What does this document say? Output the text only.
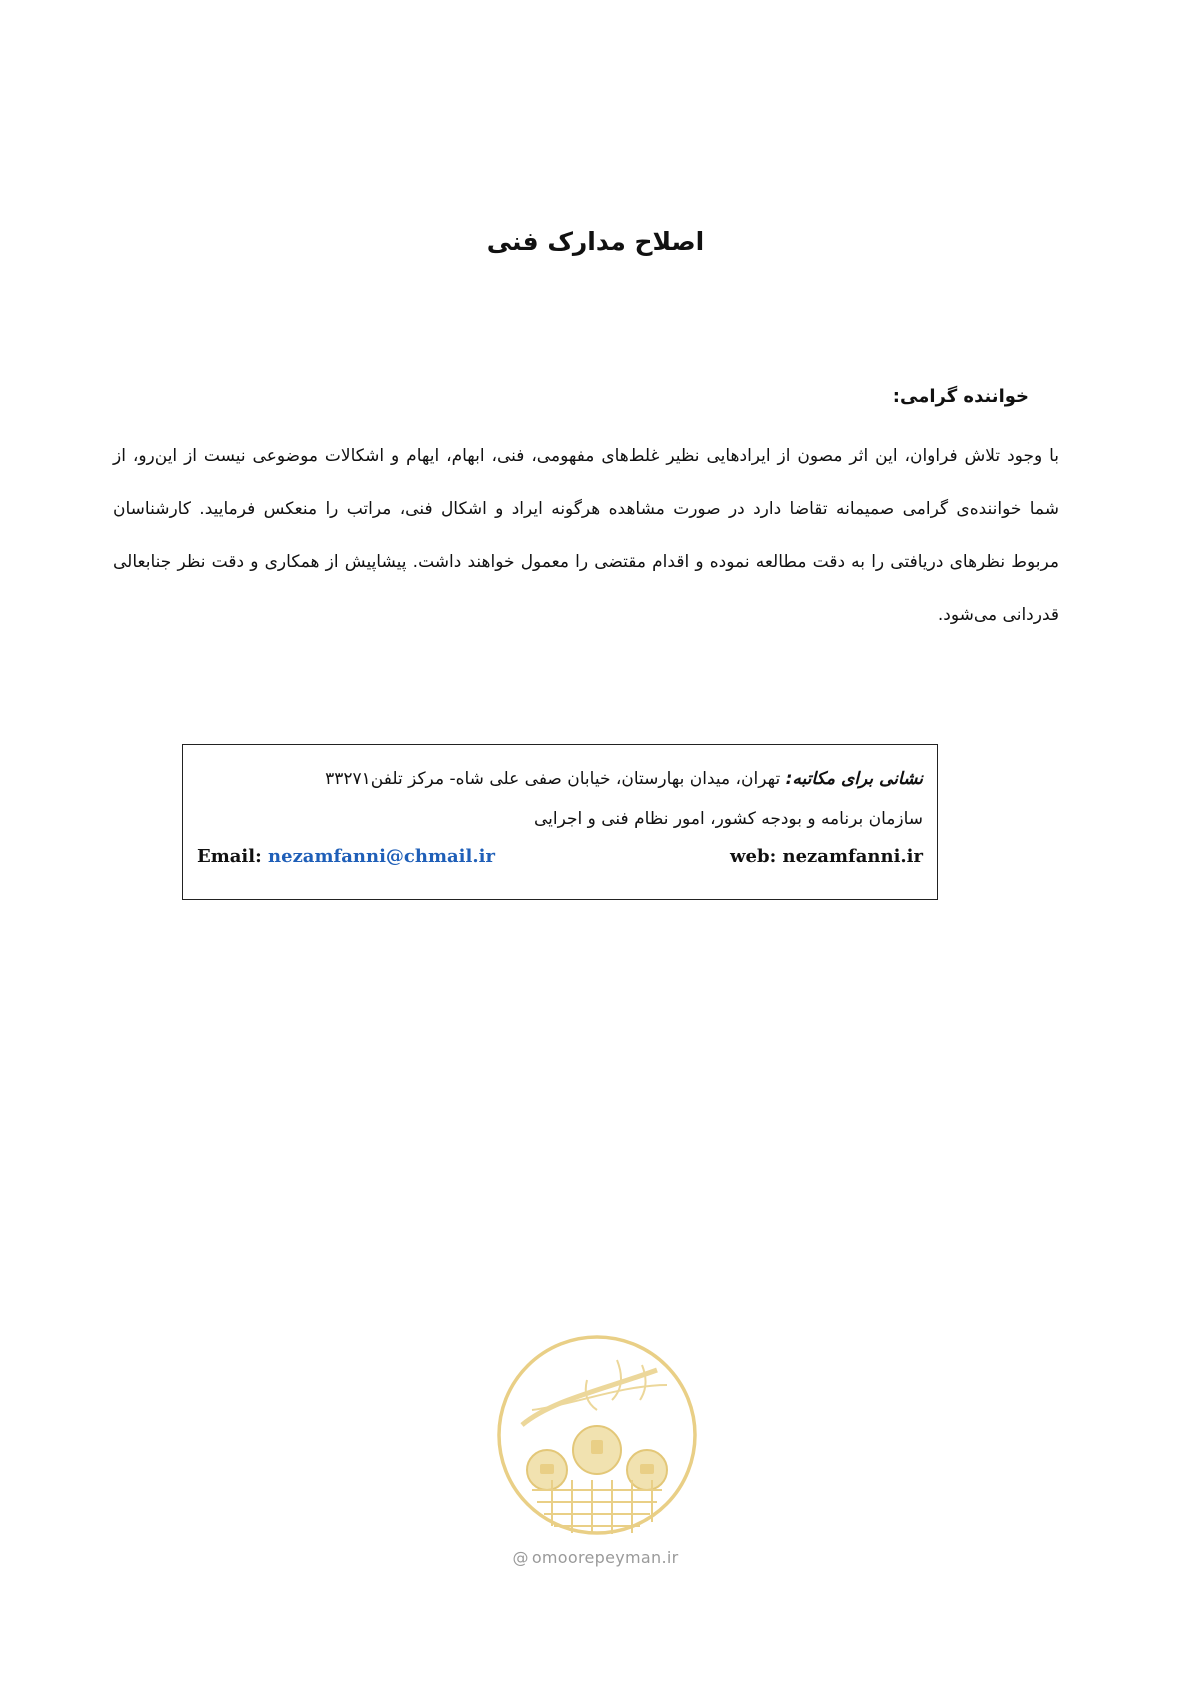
اصلاح مدارک فنی
خواننده گرامی:

با وجود تلاش فراوان، این اثر مصون از ایرادهایی نظیر غلط‌های مفهومی، فنی، ابهام، ایهام و اشکالات موضوعی نیست از این‌رو، از شما خواننده‌ی گرامی صمیمانه تقاضا دارد در صورت مشاهده هرگونه ایراد و اشکال فنی، مراتب را منعکس فرمایید. کارشناسان مربوط نظرهای دریافتی را به دقت مطالعه نموده و اقدام مقتضی را معمول خواهند داشت. پیشاپیش از همکاری و دقت نظر جنابعالی قدردانی می‌شود.

نشانی برای مکاتبه: تهران، میدان بهارستان، خیابان صفی علی شاه- مرکز تلفن۳۳۲۷۱
سازمان برنامه و بودجه کشور، امور نظام فنی و اجرایی
Email: nezamfanni@chmail.ir	web: nezamfanni.ir
@ omoorepeyman.ir
